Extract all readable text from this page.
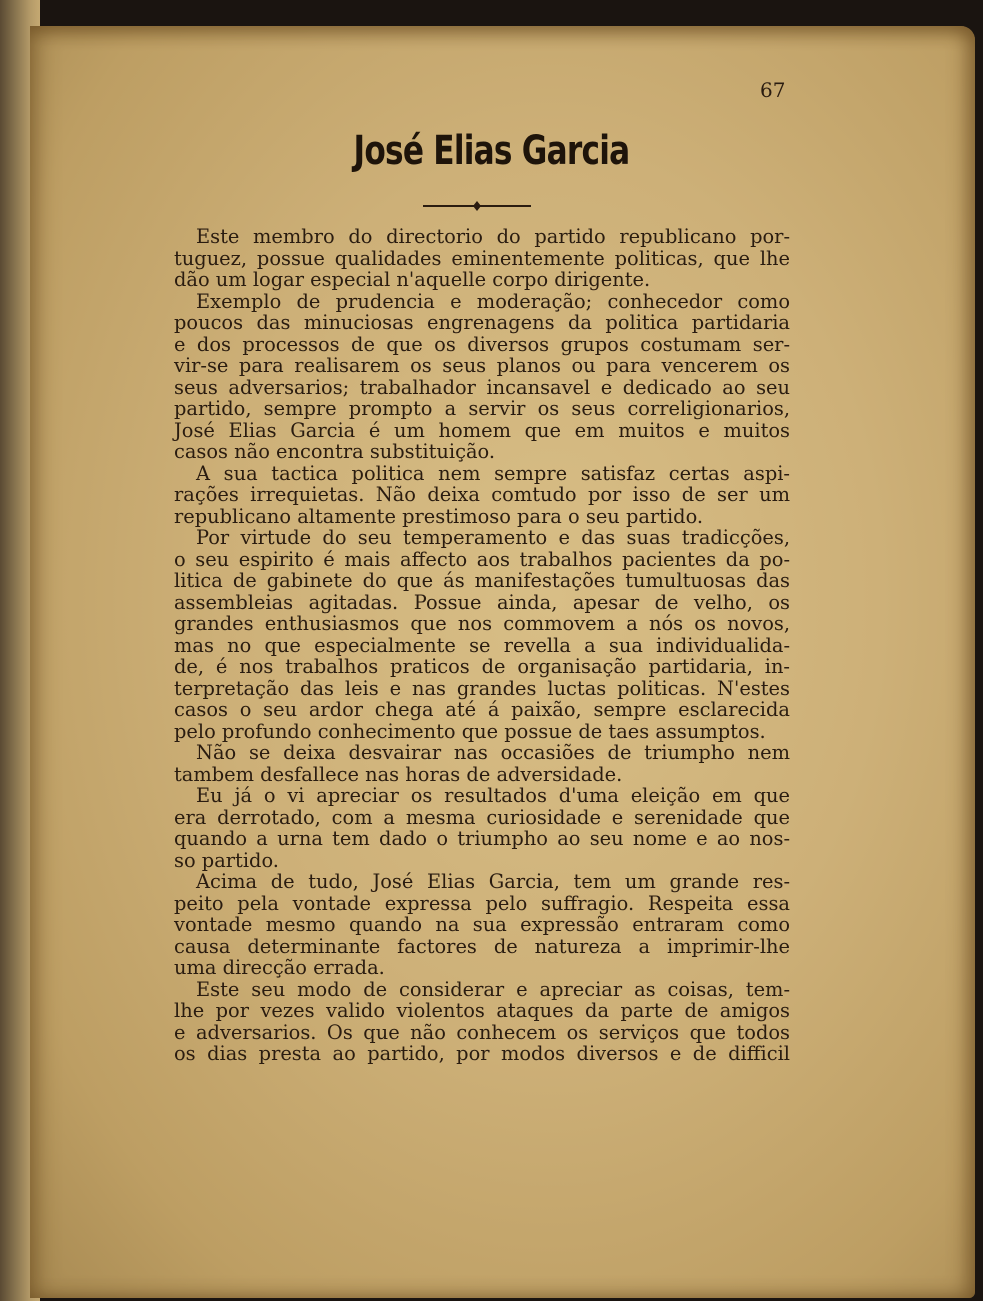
67

José Elias Garcia

Este membro do directorio do partido republicano por-

tuguez, possue qualidades eminentemente politicas, que lhe

dão um logar especial n'aquelle corpo dirigente.

Exemplo de prudencia e moderação; conhecedor como

poucos das minuciosas engrenagens da politica partidaria

e dos processos de que os diversos grupos costumam ser-

vir-se para realisarem os seus planos ou para vencerem os

seus adversarios; trabalhador incansavel e dedicado ao seu

partido, sempre prompto a servir os seus correligionarios,

José Elias Garcia é um homem que em muitos e muitos

casos não encontra substituição.

A sua tactica politica nem sempre satisfaz certas aspi-

rações irrequietas. Não deixa comtudo por isso de ser um

republicano altamente prestimoso para o seu partido.

Por virtude do seu temperamento e das suas tradicções,

o seu espirito é mais affecto aos trabalhos pacientes da po-

litica de gabinete do que ás manifestações tumultuosas das

assembleias agitadas. Possue ainda, apesar de velho, os

grandes enthusiasmos que nos commovem a nós os novos,

mas no que especialmente se revella a sua individualida-

de, é nos trabalhos praticos de organisação partidaria, in-

terpretação das leis e nas grandes luctas politicas. N'estes

casos o seu ardor chega até á paixão, sempre esclarecida

pelo profundo conhecimento que possue de taes assumptos.

Não se deixa desvairar nas occasiões de triumpho nem

tambem desfallece nas horas de adversidade.

Eu já o vi apreciar os resultados d'uma eleição em que

era derrotado, com a mesma curiosidade e serenidade que

quando a urna tem dado o triumpho ao seu nome e ao nos-

so partido.

Acima de tudo, José Elias Garcia, tem um grande res-

peito pela vontade expressa pelo suffragio. Respeita essa

vontade mesmo quando na sua expressão entraram como

causa determinante factores de natureza a imprimir-lhe

uma direcção errada.

Este seu modo de considerar e apreciar as coisas, tem-

lhe por vezes valido violentos ataques da parte de amigos

e adversarios. Os que não conhecem os serviços que todos

os dias presta ao partido, por modos diversos e de difficil
